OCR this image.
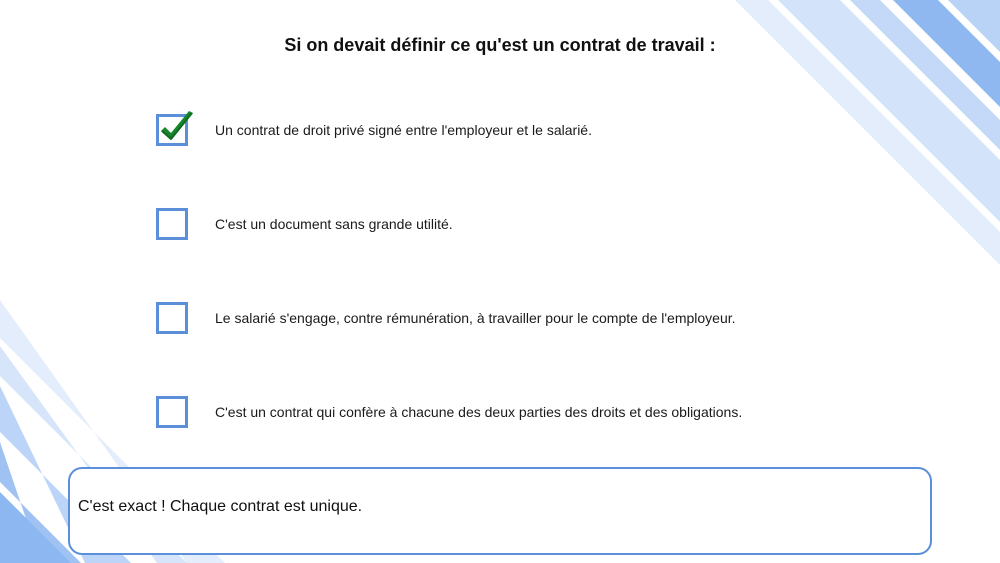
Si on devait définir ce qu'est un contrat de travail :
Un contrat de droit privé signé entre l'employeur et le salarié.
C'est un document sans grande utilité.
Le salarié s'engage, contre rémunération, à travailler pour le compte de l'employeur.
C'est un contrat qui confère à chacune des deux parties des droits et des obligations.
C'est exact ! Chaque contrat est unique.
